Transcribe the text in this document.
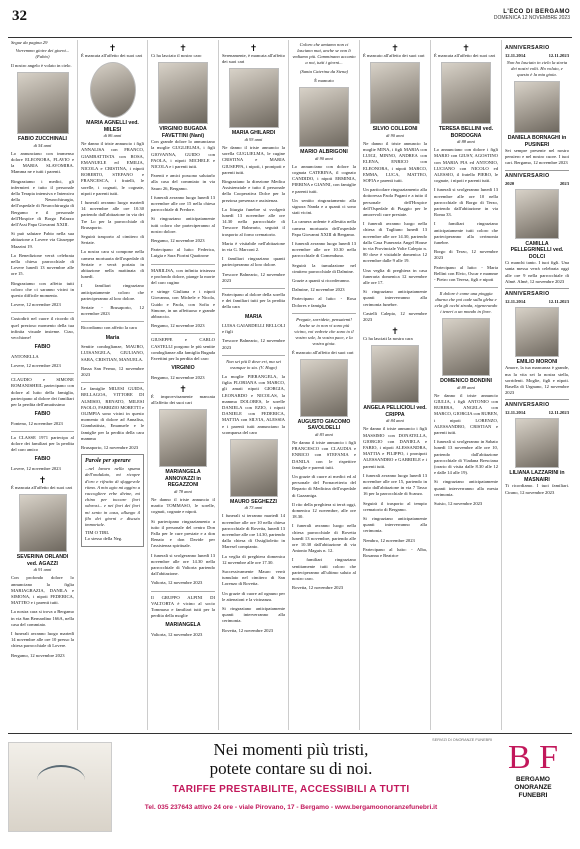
32	L'ECO DI BERGAMO
DOMENICA 12 NOVEMBRE 2023
Segue da pagina 29
Vorremmo gioire dei giorni... (Fabio)
Il nostro angelo è volato in cielo.
FABIO ZUCCHINALI
di 54 anni

Lo annunciano con immenso dolore ELEONORA, FLAVIO e la MARIA SLAVOMIRA. Mamma ne e tutti i parenti.

Ringraziamo i medici, gli infermieri e tutto il personale della Terapia intensiva e Intensiva della Neurochirurgia, dell'ospedale di Neurochirurgia di Bergamo e il personale dell'Hospice di Borgo Palazzo dell'Asst Papa Giovanni XXIII.

Si può salutare Fabio nella sua abitazione a Lovere via Giuseppe Mazzini 19.

La Benedizione verrà celebrata nella chiesa parrocchiale di Lovere lunedì 13 novembre alle ore 15.

Ringraziamo con affetto tutti coloro che ci saranno vicini in questo difficile momento.

Lovere, 12 novembre 2023

Custodirò nel cuore il ricordo di quel prezioso momento della tua infinita visuale insieme. Ciao, vecchione!

FABIO

ANTONELLA

Lovere, 12 novembre 2023

CLAUDIO e SIMONE ROMANISHEIL partecipano con dolore al lutto della famiglia, partecipano al dolore dei familiari per la perdita dell'amatissimo

FABIO

Fonteno, 12 novembre 2023

La CLASSE 1971 partecipa al dolore dei familiari per la perdita del caro amico

FABIO

Lovere, 12 novembre 2023

✝
È mancata all'affetto dei suoi cari
SEVERINA ORLANDI ved. AGAZZI
di 91 anni

Con profondo dolore lo annunciano la figlia MARIAGRAZIA, DANILA e SIMONA, i nipoti FEDERICA, MATTEO e i parenti tutti.

La nostra cara si trova a Bergamo in via San Bernardino 166A, nella casa del commiato.

I funerali avranno luogo martedì 14 novembre alle ore 10 presso la chiesa parrocchiale di Lovere.

Bergamo, 12 novembre 2023

✝
È mancata all'affetto dei suoi cari
MARIA AGNELLI ved. MILESI
di 86 anni

Ne danno il triste annuncio i figli ANNALISA con FRANCO, GIAMBATTISTA con ROSA, EMANUELE ed EMILIA, NICOLA e CRISTINA, i nipoti ROBERTO, STEFANO e FRANCESCA, i fratelli, le sorelle, i cognati, le cognate, nipoti e parenti tutti.

I funerali avranno luogo martedì 14 novembre alle ore 10.30 partendo dall'abitazione in via dei Tre Lo per la parrocchiale di Brusaporto.

Seguirà trasporto al cimitero di Seriate.

La nostra cara si compone nella camera mortuaria dell'ospedale di Seriate e verrà portata in abitazione nella mattinata di lunedì.

I familiari ringraziano anticipatamente coloro che parteciperanno al loro dolore.

Seriate - Brusaporto, 12 novembre 2023

Ricordiamo con affetto la cara

Maria

Sentite condoglianze, MAURO, LUISANGELA, GIULIANO, SARA, CRISTIAN, MANUELA.

Bassa San Fermo, 12 novembre 2023

Le famiglie MILESI GUIDA, BELLAGOA, VITTORE DI ALMISIO, RENATO, MILESI PAOLO, FABRIZIO MORETTI e OLIMPIA sono vicini in questo momento di dolore ad Annalisa, Giambattista, Emanuele e le famiglie per la perdita della cara mamma

Brusaporto, 12 novembre 2023

Parole per sperare
...nel lavoro nella spuma dell'ondulato, mi ricopre d'oro e rifratto di sfuggevole ritmo. A mio agio mi aggiro a raccogliere erbe divine, mi chino per toccare fiori odorosi... e nei fiori dei fiori mi sento in casa, allungo il filo dei giorni e discuto immortale.
TIM O TIRL
Lo stesso della Neg.
✝
Ci ha lasciato il nostro caro
VIRGINIO BUGADA FAVETTINI (Nani)

Con grande dolore lo annunciano la moglie GUGLIELMA, i figli GIOVANNA, GUIDO con PAOLA, i nipoti MICHELE e NICOLA e i parenti tutti.

Parenti e amici possono salutarlo alla casa del commiato in via Sauro 26, Bergamo.

I funerali avranno luogo lunedì 13 novembre alle ore 15 nella chiesa parrocchiale di Predore.

Si ringraziano anticipatamente tutti coloro che parteciperanno al nostro dolore.

Bergamo, 12 novembre 2023

Partecipano al lutto: Federica, Luigia e Sara Fiorini Quattrone

MARILISA, con infinita tristezza e profondo dolore, piange la morte del caro cugino

e stringe Giuliana e i nipoti Giovanna, con Michele e Nicola, Guido e Paola, con Sofia e Simone, in un affettuoso e grande abbraccio.

Bergamo, 12 novembre 2023

GIUSEPPE e CARLO CASTELLI porgono le più sentite condoglianze alla famiglia Bugada Favettini per la perdita del caro

VIRGINIO

Bergamo, 12 novembre 2023

✝
È improvvisamente mancata all'affetto dei suoi cari
MARIANGELA ANNOVAZZI in REGAZZONI
di 78 anni

Ne danno il triste annuncio il marito TOMMASO, le sorelle, cognati, cognate e nipoti.

Si partecipano ringraziamento a tutto il personale del centro Don Palla per le cure prestate e a don Renato e don Davide per l'assistenza spirituale.

I funerali si svolgeranno lunedì 13 novembre alle ore 14.30 nella parrocchiale di Valtorta partendo dall'abitazione.

Valtorta, 12 novembre 2023

Il GRUPPO ALPINI DI VALTORTA è vicino al socio Tommaso e familiari tutti per la perdita della moglie

MARIANGELA

Valtorta, 12 novembre 2023

✝
Serenamente, è mancata all'affetto dei suoi cari
MARIA GHILARDI
di 93 anni

Ne danno il triste annuncio la sorella GUGLIELMA, le cugine CRISTINA e MARIA GIUSEPPA, i nipoti, i pronipoti e parenti tutti.

Ringraziano la direzione Medica Assistenziale e tutto il personale della Cooperativa Dolce per la preziosa presenza e assistenza.

La liturgia funebre si svolgerà lunedì 13 novembre alle ore 14.30 nella parrocchiale di Trescore Balneario, seguirà il trasporto al forno crematorio.

Maria è visitabile nell'abitazione in via G. Marconi 2.

I familiari ringraziano quanti parteciperanno al loro dolore.

Trescore Balneario, 12 novembre 2023

Partecipano al dolore della sorella e dei familiari tutti per la perdita della cara

MARIA

LUISA GAIARDELLI BELLOLI e figli

Trescore Balneario, 12 novembre 2023

Non sei più lì dove eri, ma sei ovunque io sia. (V. Hugo)

La moglie PIERANGELA, la figlia FLORIANA con MARCO, gli amati nipoti GIORGIA, LEONARDO e NICOLAS, la mamma DOLORES, le sorelle DANIELA con EZIO, i nipoti DANIELE con FEDERICA, MATTIA con SILVIA, ALESSIA e i parenti tutti annunciano la scomparsa del caro

MAURO SEGHEZZI
di 73 anni

I funerali si terranno martedì 14 novembre alle ore 10 nella chiesa parrocchiale di Rovetta, lunedì 13 novembre alle ore 14.30, partendo dalla chiesa di Ossiglioletto in Maresel compianto.

La veglia di preghiera domenica 12 novembre alle ore 17.30.

Successivamente Mauro verrà tumulato nel cimitero di San Lorenzo di Rovetta.

Un grazie di cuore ad ognuno per le attenzioni e la vicinanza.

Si ringraziano anticipatamente quanti interverranno alla cerimonia.

Rovetta, 12 novembre 2023

Coloro che amiamo non ci lasciano mai, anche se non li vediamo più. Camminano accanto a noi, tutti i giorni...
(Santa Caterina da Siena)
È mancato
MARIO ALBRIGONI
di 90 anni

Lo annunciano con dolore la cognata CATERINA, il cognato CANDIDO, i nipoti ERMINIA, PIERINA e GIANNI, con famiglie e parenti tutti.

Un sentito ringraziamento alla signora Nanda e a quanti ci sono stati vicini.

La camera ardente è allestita nella camera mortuaria dell'ospedale Papa Giovanni XXIII di Bergamo.

I funerali avranno luogo lunedì 13 novembre alle ore 10.30 nella parrocchiale di Comenduno.

Seguirà la tumulazione nel cimitero parrocchiale di Dalmine.

Grazie a quanti si ricorderanno.

Dalmine, 12 novembre 2023

Partecipano al lutto: - Rosa Dolores e famiglia

Pregate, sorridete, pensatemi! Anche se io non vi sono più vicino, voi vedrete che sono io il vostro sole, la vostra pace, e la vostra gioia.
È mancato all'affetto dei suoi cari
AUGUSTO GIACOMO SAVOLDELLI
di 83 anni

Ne danno il triste annuncio i figli FRANCESCO con CLAUDIA e ENRICO con STEFANIA e DANILA con le rispettive famiglie e parenti tutti.

Un grazie di cuore ai medici ed al personale del Fornacetteria del Reparto di Medicina dell'ospedale di Gazzaniga.

Il rito della preghiera si terrà oggi, domenica 12 novembre, alle ore 18.30.

I funerali avranno luogo nella chiesa parrocchiale di Rovetta lunedì 13 novembre, partendo alle ore 10.30 dall'abitazione di via Antonio Maguis n. 12.

I familiari ringraziano sentitamente tutti coloro che parteciperanno all'ultimo saluto al nostro caro.

Rovetta, 12 novembre 2023

✝
È mancato all'affetto dei suoi cari
SILVIO COLLEONI
di 90 anni

Ne danno il triste annuncio la moglie MINA, i figli MARIA con LUIGI, MINNO, ANDREA con ELENA, ENRICO con ELEONORA, i nipoti MARCO, EMMA, LUCA, MATTEO, SOFIA e parenti tutti.

Un particolare ringraziamento alla dottoressa Paola Pagani e a tutto il personale dell'Hospice dell'Ospedale di Piaggio per le amorevoli cure prestate.

I funerali avranno luogo nella chiesa di Tagliuno lunedì 13 novembre alle ore 14.30, partendo dalla Casa Funeraria Angel House in via Provinciale Volte Calepio n. 80 dove è visitabile domenica 12 novembre dalle 9 alle 19.

Una veglia di preghiera in casa funeraria domenica 12 novembre alle ore 17.

Si ringraziano anticipatamente quanti interverranno alla cerimonia funebre.

Castelli Calepio, 12 novembre 2023

✝
Ci ha lasciati la nostra cara
ANGELA PELLICIOLI ved. CRIPPA
di 84 anni

Ne danno il triste annuncio i figli MASSIMO con DONATELLA, GIORGIO con DANIELA e FABIO, i nipoti ALESSANDRA, MATTIA e FILIPPO, i pronipoti ALESSANDRO e GABRIELE e i parenti tutti.

I funerali avranno luogo lunedì 13 novembre alle ore 15, partendo in auto dall'abitazione in via 7 Tasso 16 per la parrocchiale di Scanzo.

Seguirà il trasporto al tempio crematorio di Bergamo.

Si ringraziano anticipatamente quanti interverranno alla cerimonia.

Nembro, 12 novembre 2023

Partecipano al lutto: - Alba, Rosanna e Beatrice

✝
È mancata all'affetto dei suoi cari
TERESA BELLINI ved. BORDOGNA
di 88 anni

Lo annunciano con dolore i figli MARIO con GIUSY, AGOSTINO con MARIA PIA ed ANTONIO, LUCIANO con NICOLO ed ALESSIO, il fratello PIERO, le cognate, i nipoti e parenti tutti.

I funerali si svolgeranno lunedì 13 novembre alle ore 10 nella parrocchiale di Borgo di Terzo, partendo dall'abitazione in via Roma 33.

I familiari ringraziano anticipatamente tutti coloro che parteciperanno alla cerimonia funebre.

Borgo di Terzo, 12 novembre 2023

Partecipano al lutto: - Maria Bellini con Elvio, Oscar e mamme - Pietro con Teresa, figli e nipoti

Il dolore è come una pioggia diurna che poi cade sulla gleba e cela gli occhi strada, rigenerando i teneri a un mondo in fiore.
DOMENICO BONDINI
di 89 anni

Ne danno il triste annuncio GIULIA, i figli ANTONIO con RUBERA, ANGELA con MARCO, GIORGIA con RUBEN, i nipoti LORENZO, ALESSANDRO, CRISTIAN e parenti tutti.

I funerali si svolgeranno in Sabato lunedì 13 novembre alle ore 10, partendo dall'abitazione parrocchiale di Viadana Bresciana (orario di visita dalle 8.30 alle 12 e dalle 14 alle 19).

Si ringraziano anticipatamente quanti interverranno alla mesta cerimonia.

Suisio, 12 novembre 2023

ANNIVERSARIO
12.11.2014	12.11.2023
Non ho lasciato in cielo la storia dei nostri volti. Ho voluto, e questo è la mia gioia.
DANIELA BORNAGHI in PUSINERI
Sei sempre presente nel nostro pensiero e nel nostro cuore. I tuoi cari. Bergamo, 12 novembre 2023
ANNIVERSARIO
2020	2023
CAMILLA PELLEGRINELLI ved. DOLCI
Ci manchi tanto. I tuoi figli. Una santa messa verrà celebrata oggi alle ore 9 nella parrocchiale di Almè. Almè, 12 novembre 2023
ANNIVERSARIO
12.11.2014	12.11.2023
EMILIO MORONI
Amore, la tua mancanza è grande, ma la vita sei la nostra stella, sorridenti. Moglie, figli e nipoti. Basella di Urgnano, 12 novembre 2023
ANNIVERSARIO
12.11.2014	12.11.2023
LILIANA LAZZARINI in MASNAIRI
Ti ricordiamo. I tuoi familiari. Cirano, 12 novembre 2023
SERVIZI DI ONORANZE FUNEBRI
Nei momenti più tristi,
potete contare su di noi.
TARIFFE PRESTABILITE, ACCESSIBILI A TUTTI
Tel. 035 237643 attivo 24 ore - viale Pirovano, 17 - Bergamo - www.bergamoonoranzefunebri.it
B F
BERGAMO
ONORANZE
FUNEBRI
